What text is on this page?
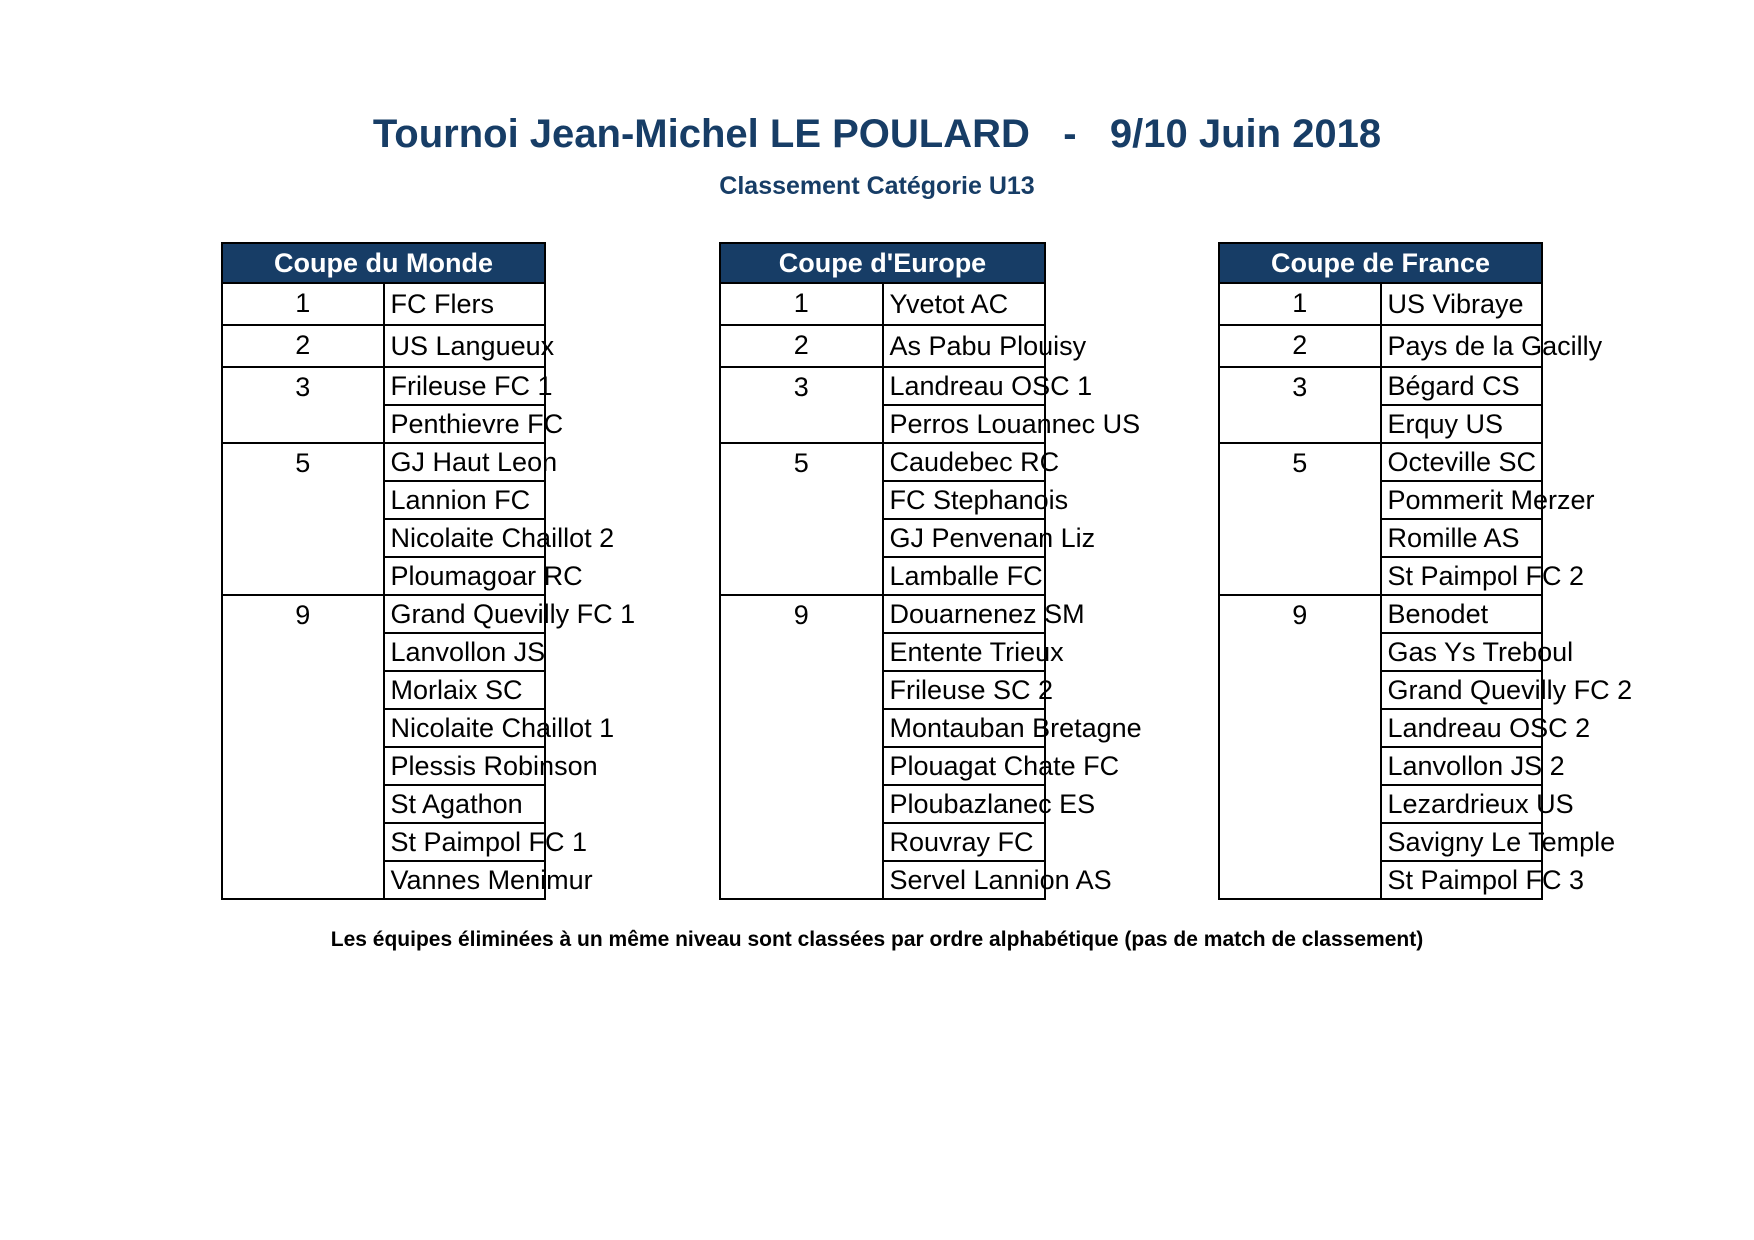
Tournoi Jean-Michel LE POULARD   -   9/10 Juin 2018
Classement Catégorie U13
Coupe du Monde	
1	FC Flers
2	US Langueux
3	Frileuse FC 1
	Penthievre FC
5	GJ Haut Leon
	Lannion FC
	Nicolaite Chaillot 2
	Ploumagoar RC
9	Grand Quevilly FC 1
	Lanvollon JS
	Morlaix SC
	Nicolaite Chaillot 1
	Plessis Robinson
	St Agathon
	St Paimpol FC 1
	Vannes Menimur
Coupe d'Europe	
1	Yvetot AC
2	As Pabu Plouisy
3	Landreau OSC 1
	Perros Louannec US
5	Caudebec RC
	FC Stephanois
	GJ Penvenan Liz
	Lamballe FC
9	Douarnenez SM
	Entente Trieux
	Frileuse SC 2
	Montauban Bretagne
	Plouagat Chate FC
	Ploubazlanec ES
	Rouvray FC
	Servel Lannion AS
Coupe de France	
1	US Vibraye
2	Pays de la Gacilly
3	Bégard CS
	Erquy US
5	Octeville SC
	Pommerit Merzer
	Romille AS
	St Paimpol FC 2
9	Benodet
	Gas Ys Treboul
	Grand Quevilly FC 2
	Landreau OSC 2
	Lanvollon JS 2
	Lezardrieux US
	Savigny Le Temple
	St Paimpol FC 3

Les équipes éliminées à un même niveau sont classées par ordre alphabétique (pas de match de classement)
